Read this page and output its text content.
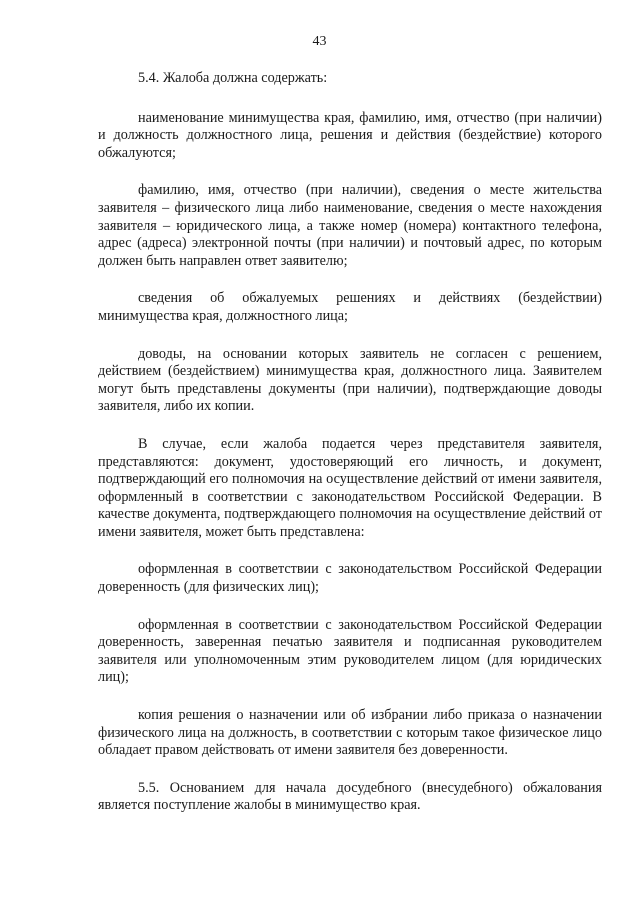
43

5.4. Жалоба должна содержать:

наименование минимущества края, фамилию, имя, отчество (при наличии) и должность должностного лица, решения и действия (бездействие) которого обжалуются;

фамилию, имя, отчество (при наличии), сведения о месте жительства заявителя – физического лица либо наименование, сведения о месте нахождения заявителя – юридического лица, а также номер (номера) контактного телефона, адрес (адреса) электронной почты (при наличии) и почтовый адрес, по которым должен быть направлен ответ заявителю;

сведения об обжалуемых решениях и действиях (бездействии) минимущества края, должностного лица;

доводы, на основании которых заявитель не согласен с решением, действием (бездействием) минимущества края, должностного лица. Заявителем могут быть представлены документы (при наличии), подтверждающие доводы заявителя, либо их копии.

В случае, если жалоба подается через представителя заявителя, представляются: документ, удостоверяющий его личность, и документ, подтверждающий его полномочия на осуществление действий от имени заявителя, оформленный в соответствии с законодательством Российской Федерации. В качестве документа, подтверждающего полномочия на осуществление действий от имени заявителя, может быть представлена:

оформленная в соответствии с законодательством Российской Федерации доверенность (для физических лиц);

оформленная в соответствии с законодательством Российской Федерации доверенность, заверенная печатью заявителя и подписанная руководителем заявителя или уполномоченным этим руководителем лицом (для юридических лиц);

копия решения о назначении или об избрании либо приказа о назначении физического лица на должность, в соответствии с которым такое физическое лицо обладает правом действовать от имени заявителя без доверенности.

5.5. Основанием для начала досудебного (внесудебного) обжалования является поступление жалобы в минимущество края.
